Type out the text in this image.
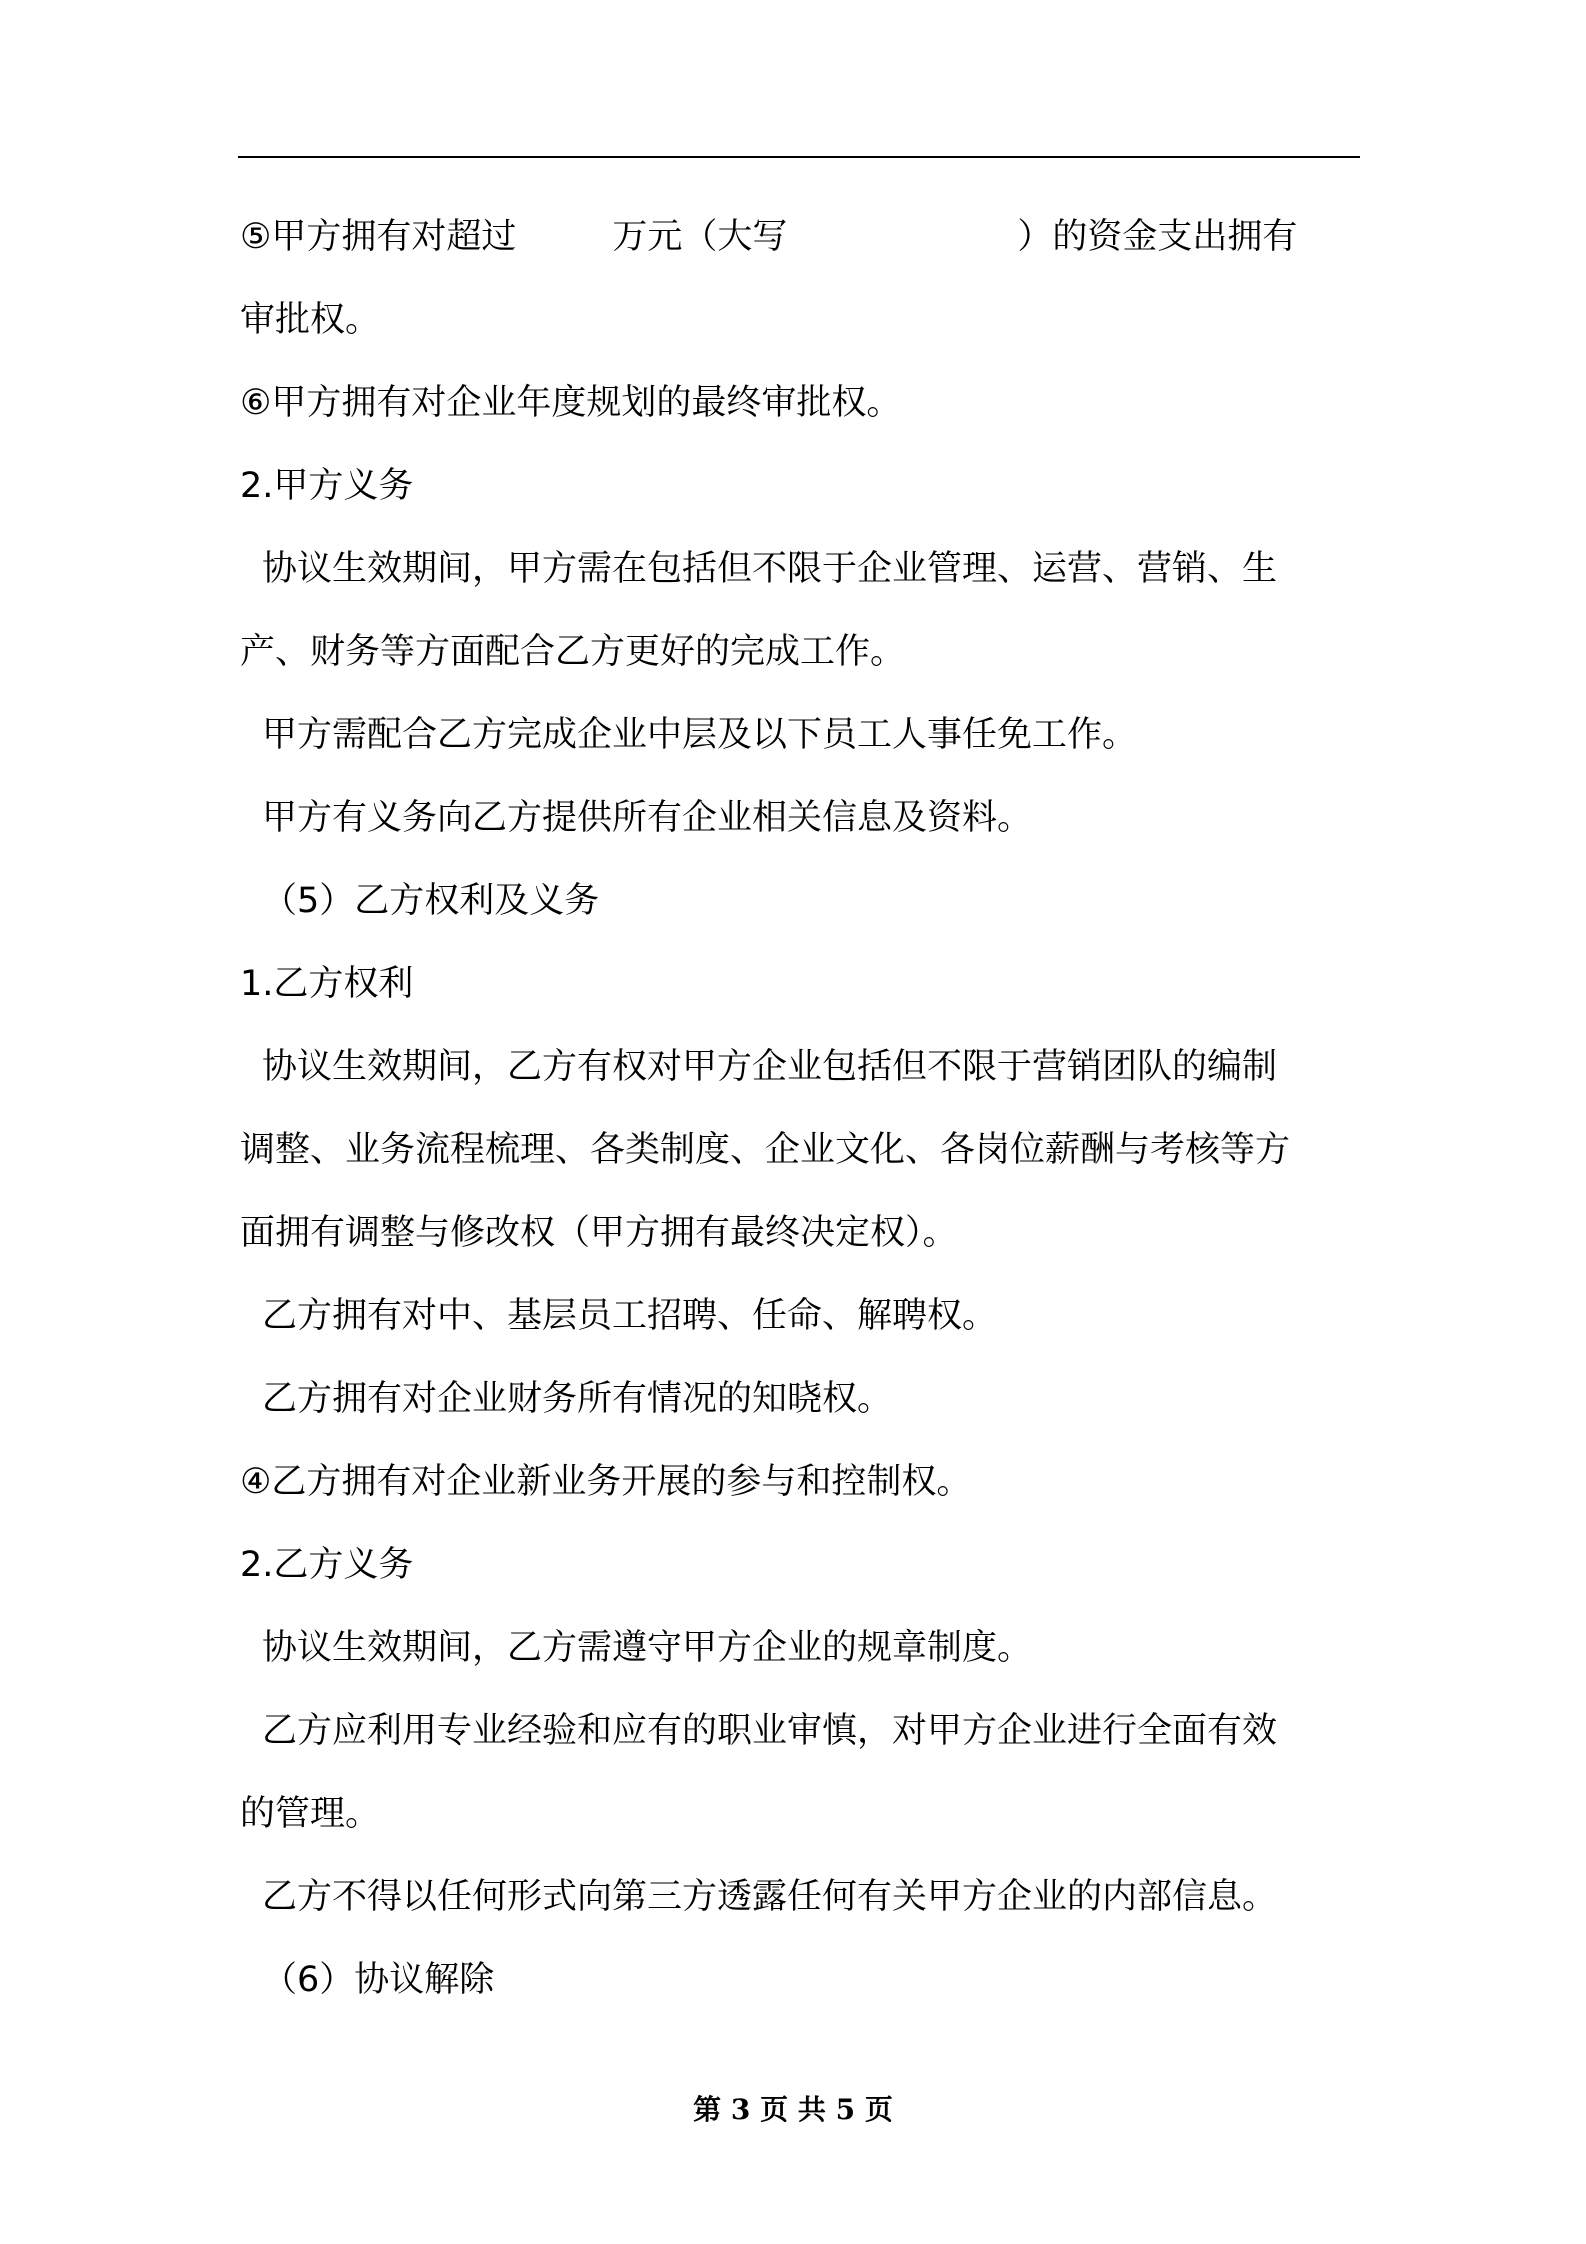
⑤甲方拥有对超过	万元（大写	）的资金支出拥有
审批权。
⑥甲方拥有对企业年度规划的最终审批权。
2.甲方义务
协议生效期间，甲方需在包括但不限于企业管理、运营、营销、生
产、财务等方面配合乙方更好的完成工作。
甲方需配合乙方完成企业中层及以下员工人事任免工作。
甲方有义务向乙方提供所有企业相关信息及资料。
（5）乙方权利及义务
1.乙方权利
协议生效期间，乙方有权对甲方企业包括但不限于营销团队的编制
调整、业务流程梳理、各类制度、企业文化、各岗位薪酬与考核等方
面拥有调整与修改权（甲方拥有最终决定权）。
乙方拥有对中、基层员工招聘、任命、解聘权。
乙方拥有对企业财务所有情况的知晓权。
④乙方拥有对企业新业务开展的参与和控制权。
2.乙方义务
协议生效期间，乙方需遵守甲方企业的规章制度。
乙方应利用专业经验和应有的职业审慎，对甲方企业进行全面有效
的管理。
乙方不得以任何形式向第三方透露任何有关甲方企业的内部信息。
（6）协议解除
第 3 页 共 5 页
